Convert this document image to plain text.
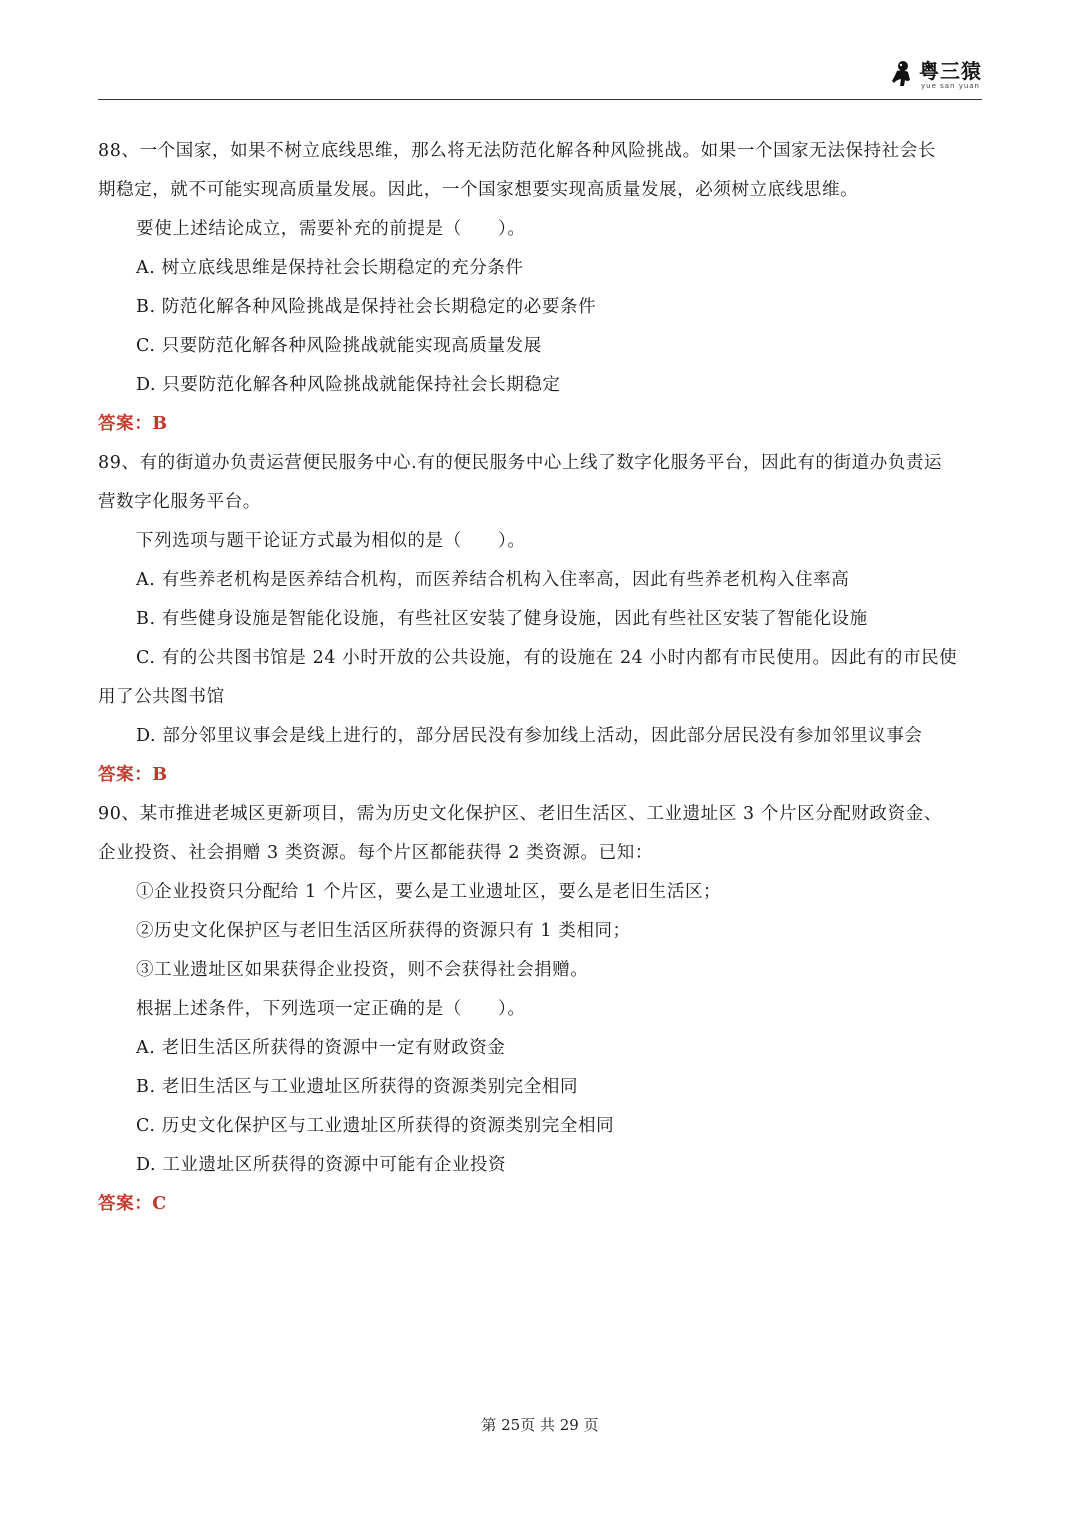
粤三猿
yue san yuan
88、一个国家，如果不树立底线思维，那么将无法防范化解各种风险挑战。如果一个国家无法保持社会长
期稳定，就不可能实现高质量发展。因此，一个国家想要实现高质量发展，必须树立底线思维。
要使上述结论成立，需要补充的前提是（　　）。
A. 树立底线思维是保持社会长期稳定的充分条件
B. 防范化解各种风险挑战是保持社会长期稳定的必要条件
C. 只要防范化解各种风险挑战就能实现高质量发展
D. 只要防范化解各种风险挑战就能保持社会长期稳定
答案：B
89、有的街道办负责运营便民服务中心.有的便民服务中心上线了数字化服务平台，因此有的街道办负责运
营数字化服务平台。
下列选项与题干论证方式最为相似的是（　　）。
A. 有些养老机构是医养结合机构，而医养结合机构入住率高，因此有些养老机构入住率高
B. 有些健身设施是智能化设施，有些社区安装了健身设施，因此有些社区安装了智能化设施
C. 有的公共图书馆是 24 小时开放的公共设施，有的设施在 24 小时内都有市民使用。因此有的市民使
用了公共图书馆
D. 部分邻里议事会是线上进行的，部分居民没有参加线上活动，因此部分居民没有参加邻里议事会
答案：B
90、某市推进老城区更新项目，需为历史文化保护区、老旧生活区、工业遗址区 3 个片区分配财政资金、
企业投资、社会捐赠 3 类资源。每个片区都能获得 2 类资源。已知：
①企业投资只分配给 1 个片区，要么是工业遗址区，要么是老旧生活区；
②历史文化保护区与老旧生活区所获得的资源只有 1 类相同；
③工业遗址区如果获得企业投资，则不会获得社会捐赠。
根据上述条件，下列选项一定正确的是（　　）。
A. 老旧生活区所获得的资源中一定有财政资金
B. 老旧生活区与工业遗址区所获得的资源类别完全相同
C. 历史文化保护区与工业遗址区所获得的资源类别完全相同
D. 工业遗址区所获得的资源中可能有企业投资
答案：C
第 25页 共 29 页
